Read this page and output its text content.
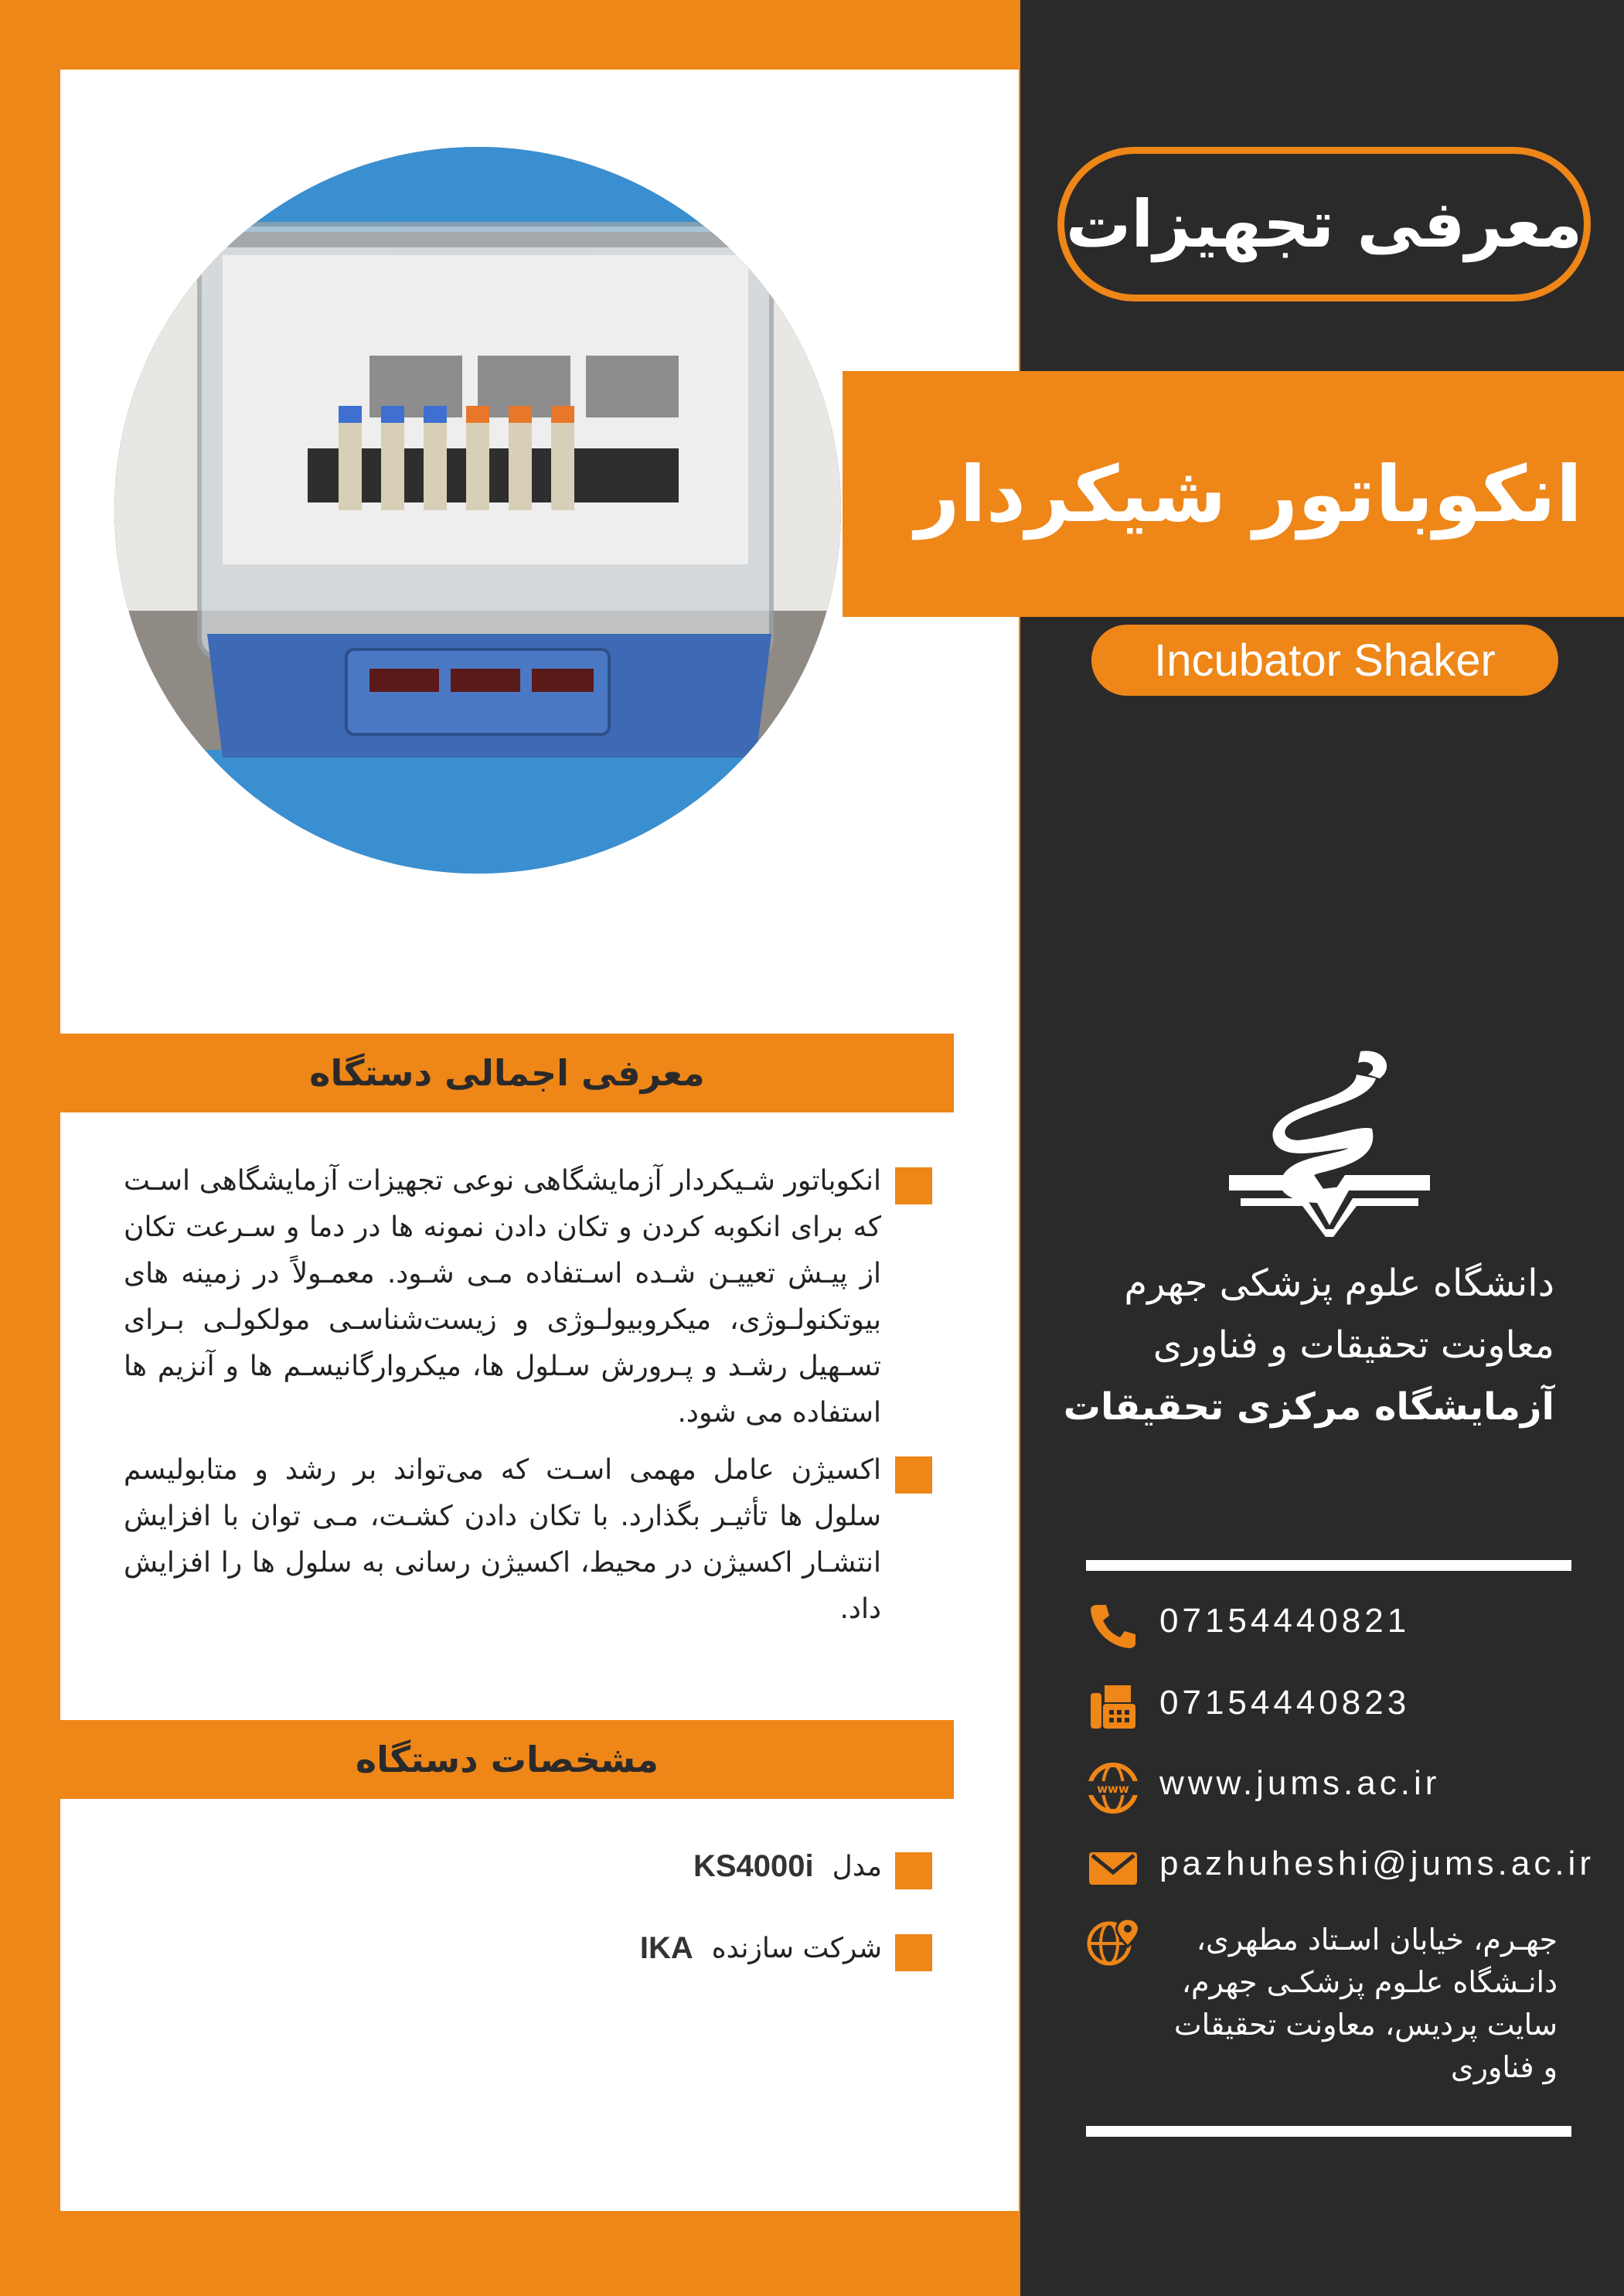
معرفی تجهیزات
انکوباتور شیکردار
Incubator Shaker
معرفی اجمالی دستگاه
انکوباتور شـیکردار آزمایشگاهی نوعی تجهیزات آزمایشگاهی اسـت که برای انکوبه کردن و تکان دادن نمونه ها در دما و سـرعت تکان از پیـش تعییـن شـده اسـتفاده مـی شـود. معمـولاً در زمینه های بیوتکنولـوژی، میکروبیولـوژی و زیست‌شناسـی مولکولـی بـرای تسـهیل رشـد و پـرورش سـلول ها، میکروارگانیسـم ها و آنزیم ها استفاده می شود.
اکسیژن عامل مهمی اسـت که می‌تواند بر رشد و متابولیسم سلول ها تأثیـر بگذارد. با تکان دادن کشـت، مـی توان با افزایش انتشـار اکسیژن در محیط، اکسیژن رسانی به سلول ها را افزایش داد.
مشخصات دستگاه
مدل
KS4000i
شرکت سازنده
IKA
دانشگاه علوم پزشکی جهرم
معاونت تحقیقات و فناوری
آزمایشگاه مرکزی تحقیقات
07154440821
07154440823
www www.jums.ac.ir
pazhuheshi@jums.ac.ir
جهـرم، خیابان اسـتاد مطهری، دانـشگاه علـوم پزشکـی جهرم، سایت پردیس، معاونت تحقیقات و فناوری
